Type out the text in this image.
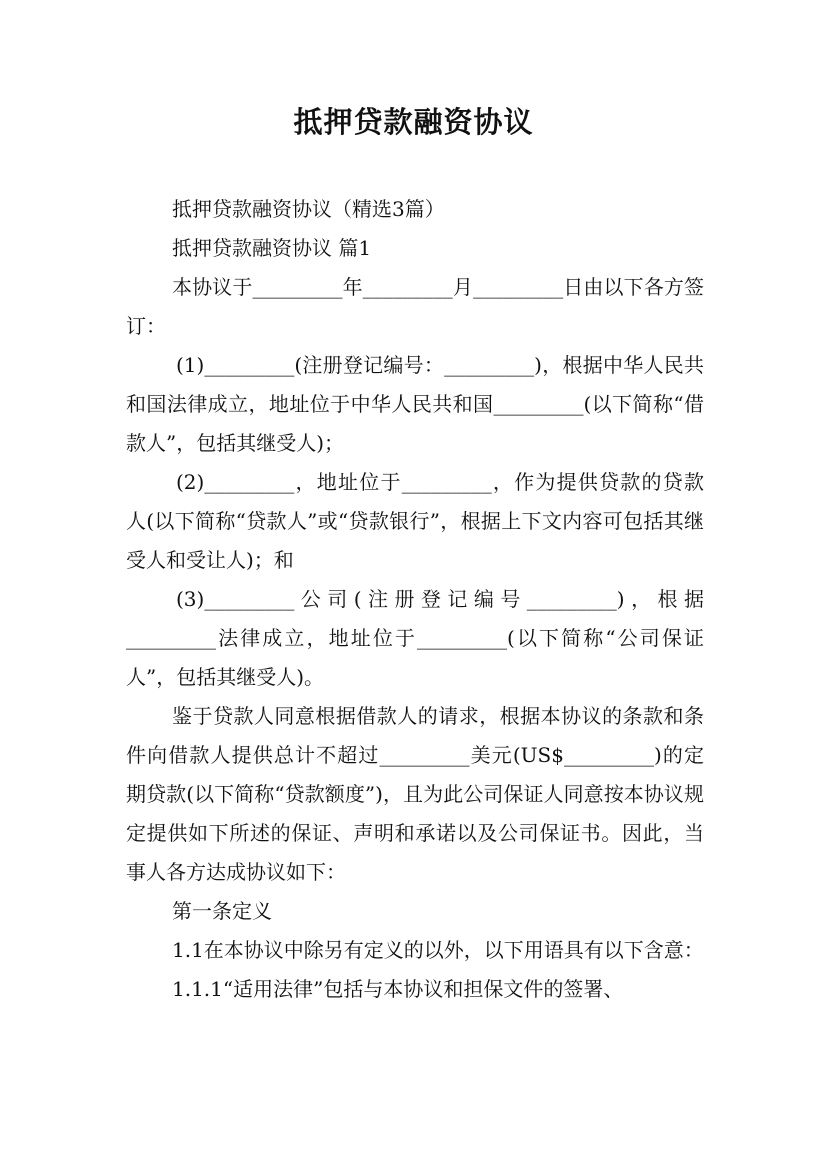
抵押贷款融资协议

抵押贷款融资协议（精选3篇）

抵押贷款融资协议 篇1

本协议于_________年_________月_________日由以下各方签订：

(1)_________(注册登记编号：_________)，根据中华人民共和国法律成立，地址位于中华人民共和国_________(以下简称“借款人”，包括其继受人)；

(2)_________，地址位于_________，作为提供贷款的贷款人(以下简称“贷款人”或“贷款银行”，根据上下文内容可包括其继受人和受让人)；和

(3)_________公司(注册登记编号_________)，根据_________法律成立，地址位于_________(以下简称“公司保证人”，包括其继受人)。

鉴于贷款人同意根据借款人的请求，根据本协议的条款和条件向借款人提供总计不超过_________美元(US$_________)的定期贷款(以下简称“贷款额度”)，且为此公司保证人同意按本协议规定提供如下所述的保证、声明和承诺以及公司保证书。因此，当事人各方达成协议如下：

第一条定义

1.1在本协议中除另有定义的以外，以下用语具有以下含意：

1.1.1“适用法律”包括与本协议和担保文件的签署、
